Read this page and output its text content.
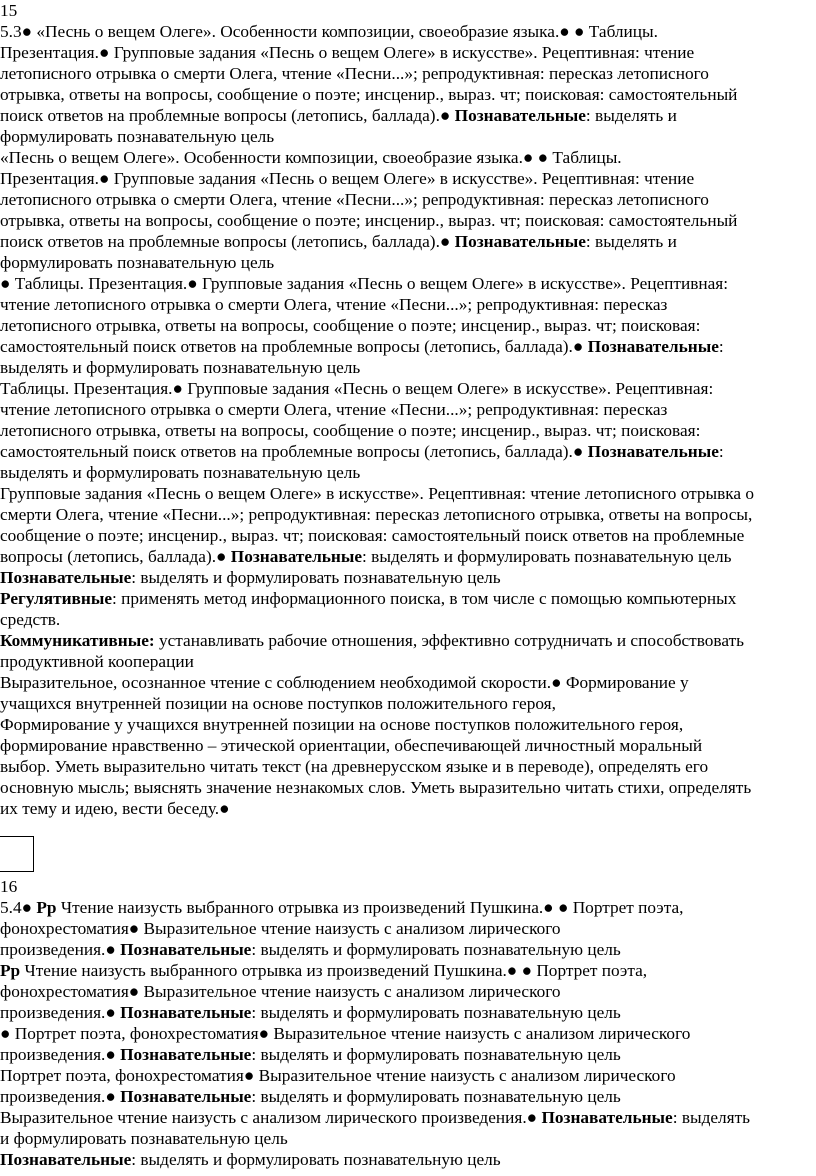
15
5.3● «Песнь о вещем Олеге». Особенности композиции, своеобразие языка.● ● Таблицы.
Презентация.● Групповые задания «Песнь о вещем Олеге» в искусстве». Рецептивная: чтение
летописного отрывка о смерти Олега, чтение «Песни...»; репродуктивная: пересказ летописного
отрывка, ответы на вопросы, сообщение о поэте; инсценир., выраз. чт; поисковая: самостоятельный
поиск ответов на проблемные вопросы (летопись, баллада).● Познавательные: выделять и
формулировать познавательную цель
«Песнь о вещем Олеге». Особенности композиции, своеобразие языка.● ● Таблицы.
Презентация.● Групповые задания «Песнь о вещем Олеге» в искусстве». Рецептивная: чтение
летописного отрывка о смерти Олега, чтение «Песни...»; репродуктивная: пересказ летописного
отрывка, ответы на вопросы, сообщение о поэте; инсценир., выраз. чт; поисковая: самостоятельный
поиск ответов на проблемные вопросы (летопись, баллада).● Познавательные: выделять и
формулировать познавательную цель
● Таблицы. Презентация.● Групповые задания «Песнь о вещем Олеге» в искусстве». Рецептивная:
чтение летописного отрывка о смерти Олега, чтение «Песни...»; репродуктивная: пересказ
летописного отрывка, ответы на вопросы, сообщение о поэте; инсценир., выраз. чт; поисковая:
самостоятельный поиск ответов на проблемные вопросы (летопись, баллада).● Познавательные:
выделять и формулировать познавательную цель
Таблицы. Презентация.● Групповые задания «Песнь о вещем Олеге» в искусстве». Рецептивная:
чтение летописного отрывка о смерти Олега, чтение «Песни...»; репродуктивная: пересказ
летописного отрывка, ответы на вопросы, сообщение о поэте; инсценир., выраз. чт; поисковая:
самостоятельный поиск ответов на проблемные вопросы (летопись, баллада).● Познавательные:
выделять и формулировать познавательную цель
Групповые задания «Песнь о вещем Олеге» в искусстве». Рецептивная: чтение летописного отрывка о
смерти Олега, чтение «Песни...»; репродуктивная: пересказ летописного отрывка, ответы на вопросы,
сообщение о поэте; инсценир., выраз. чт; поисковая: самостоятельный поиск ответов на проблемные
вопросы (летопись, баллада).● Познавательные: выделять и формулировать познавательную цель
Познавательные: выделять и формулировать познавательную цель
Регулятивные: применять метод информационного поиска, в том числе с помощью компьютерных
средств.
Коммуникативные: устанавливать рабочие отношения, эффективно сотрудничать и способствовать
продуктивной кооперации
Выразительное, осознанное чтение с соблюдением необходимой скорости.● Формирование у
учащихся внутренней позиции на основе поступков положительного героя,
Формирование у учащихся внутренней позиции на основе поступков положительного героя,
формирование нравственно – этической ориентации, обеспечивающей личностный моральный
выбор. Уметь выразительно читать текст (на древнерусском языке и в переводе), определять его
основную мысль; выяснять значение незнакомых слов. Уметь выразительно читать стихи, определять
их тему и идею, вести беседу.●
16
5.4● Рр Чтение наизусть выбранного отрывка из произведений Пушкина.● ● Портрет поэта,
фонохрестоматия● Выразительное чтение наизусть с анализом лирического
произведения.● Познавательные: выделять и формулировать познавательную цель
Рр Чтение наизусть выбранного отрывка из произведений Пушкина.● ● Портрет поэта,
фонохрестоматия● Выразительное чтение наизусть с анализом лирического
произведения.● Познавательные: выделять и формулировать познавательную цель
● Портрет поэта, фонохрестоматия● Выразительное чтение наизусть с анализом лирического
произведения.● Познавательные: выделять и формулировать познавательную цель
Портрет поэта, фонохрестоматия● Выразительное чтение наизусть с анализом лирического
произведения.● Познавательные: выделять и формулировать познавательную цель
Выразительное чтение наизусть с анализом лирического произведения.● Познавательные: выделять
и формулировать познавательную цель
Познавательные: выделять и формулировать познавательную цель
